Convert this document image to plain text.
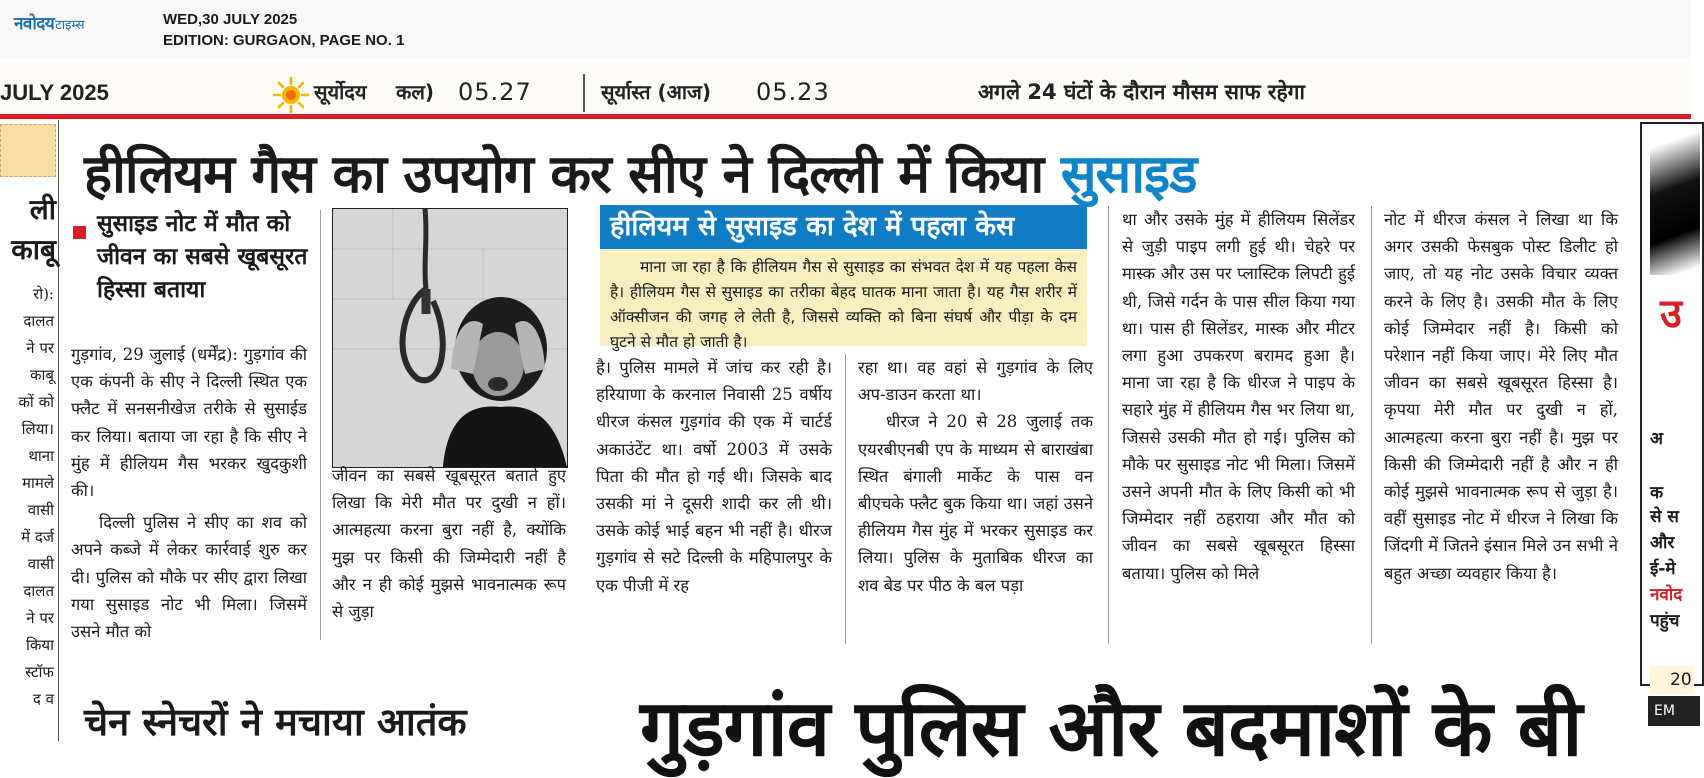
नवोदयटाइम्स	WED,30 JULY 2025
EDITION: GURGAON, PAGE NO. 1
JULY 2025	सूर्योदय कल) 05.27	सूर्यास्त (आज) 05.23	अगले 24 घंटों के दौरान मौसम साफ रहेगा
ली
काबू
रो):
दालत
ने पर
काबू
कों को
लिया।
थाना
मामले
वासी
में दर्ज
वासी
दालत
ने पर
किया
स्टॉफ
द व
उ
अ
क
से स
और
ई-मे
नवोद
पहुंच
20
EM
हीलियम गैस का उपयोग कर सीए ने दिल्ली में किया सुसाइड
सुसाइड नोट में मौत को जीवन का सबसे खूबसूरत हिस्सा बताया

गुड़गांव, 29 जुलाई (धर्मेंद्र): गुड़गांव की एक कंपनी के सीए ने दिल्ली स्थित एक फ्लैट में सनसनीखेज तरीके से सुसाईड कर लिया। बताया जा रहा है कि सीए ने मुंह में हीलियम गैस भरकर खुदकुशी की।

दिल्ली पुलिस ने सीए का शव को अपने कब्जे में लेकर कार्रवाई शुरु कर दी। पुलिस को मौके पर सीए द्वारा लिखा गया सुसाइड नोट भी मिला। जिसमें उसने मौत को

जीवन का सबसे खूबसूरत बताते हुए लिखा कि मेरी मौत पर दुखी न हों। आत्महत्या करना बुरा नहीं है, क्योंकि मुझ पर किसी की जिम्मेदारी नहीं है और न ही कोई मुझसे भावनात्मक रूप से जुड़ा
हीलियम से सुसाइड का देश में पहला केस
माना जा रहा है कि हीलियम गैस से सुसाइड का संभवत देश में यह पहला केस है। हीलियम गैस से सुसाइड का तरीका बेहद घातक माना जाता है। यह गैस शरीर में ऑक्सीजन की जगह ले लेती है, जिससे व्यक्ति को बिना संघर्ष और पीड़ा के दम घुटने से मौत हो जाती है।
है। पुलिस मामले में जांच कर रही है। हरियाणा के करनाल निवासी 25 वर्षीय धीरज कंसल गुड़गांव की एक में चार्टर्ड अकाउंटेंट था। वर्षो 2003 में उसके पिता की मौत हो गई थी। जिसके बाद उसकी मां ने दूसरी शादी कर ली थी। उसके कोई भाई बहन भी नहीं है। धीरज गुड़गांव से सटे दिल्ली के महिपालपुर के एक पीजी में रह

रहा था। वह वहां से गुड़गांव के लिए अप-डाउन करता था।

धीरज ने 20 से 28 जुलाई तक एयरबीएनबी एप के माध्यम से बाराखंबा स्थित बंगाली मार्केट के पास वन बीएचके फ्लैट बुक किया था। जहां उसने हीलियम गैस मुंह में भरकर सुसाइड कर लिया। पुलिस के मुताबिक धीरज का शव बेड पर पीठ के बल पड़ा

था और उसके मुंह में हीलियम सिलेंडर से जुड़ी पाइप लगी हुई थी। चेहरे पर मास्क और उस पर प्लास्टिक लिपटी हुई थी, जिसे गर्दन के पास सील किया गया था। पास ही सिलेंडर, मास्क और मीटर लगा हुआ उपकरण बरामद हुआ है। माना जा रहा है कि धीरज ने पाइप के सहारे मुंह में हीलियम गैस भर लिया था, जिससे उसकी मौत हो गई। पुलिस को मौके पर सुसाइड नोट भी मिला। जिसमें उसने अपनी मौत के लिए किसी को भी जिम्मेदार नहीं ठहराया और मौत को जीवन का सबसे खूबसूरत हिस्सा बताया। पुलिस को मिले
नोट में धीरज कंसल ने लिखा था कि अगर उसकी फेसबुक पोस्ट डिलीट हो जाए, तो यह नोट उसके विचार व्यक्त करने के लिए है। उसकी मौत के लिए कोई जिम्मेदार नहीं है। किसी को परेशान नहीं किया जाए। मेरे लिए मौत जीवन का सबसे खूबसूरत हिस्सा है। कृपया मेरी मौत पर दुखी न हों, आत्महत्या करना बुरा नहीं है। मुझ पर किसी की जिम्मेदारी नहीं है और न ही कोई मुझसे भावनात्मक रूप से जुड़ा है। वहीं सुसाइड नोट में धीरज ने लिखा कि जिंदगी में जितने इंसान मिले उन सभी ने बहुत अच्छा व्यवहार किया है।
चेन स्नेचरों ने मचाया आतंक गुड़गांव पुलिस और बदमाशों के बी
